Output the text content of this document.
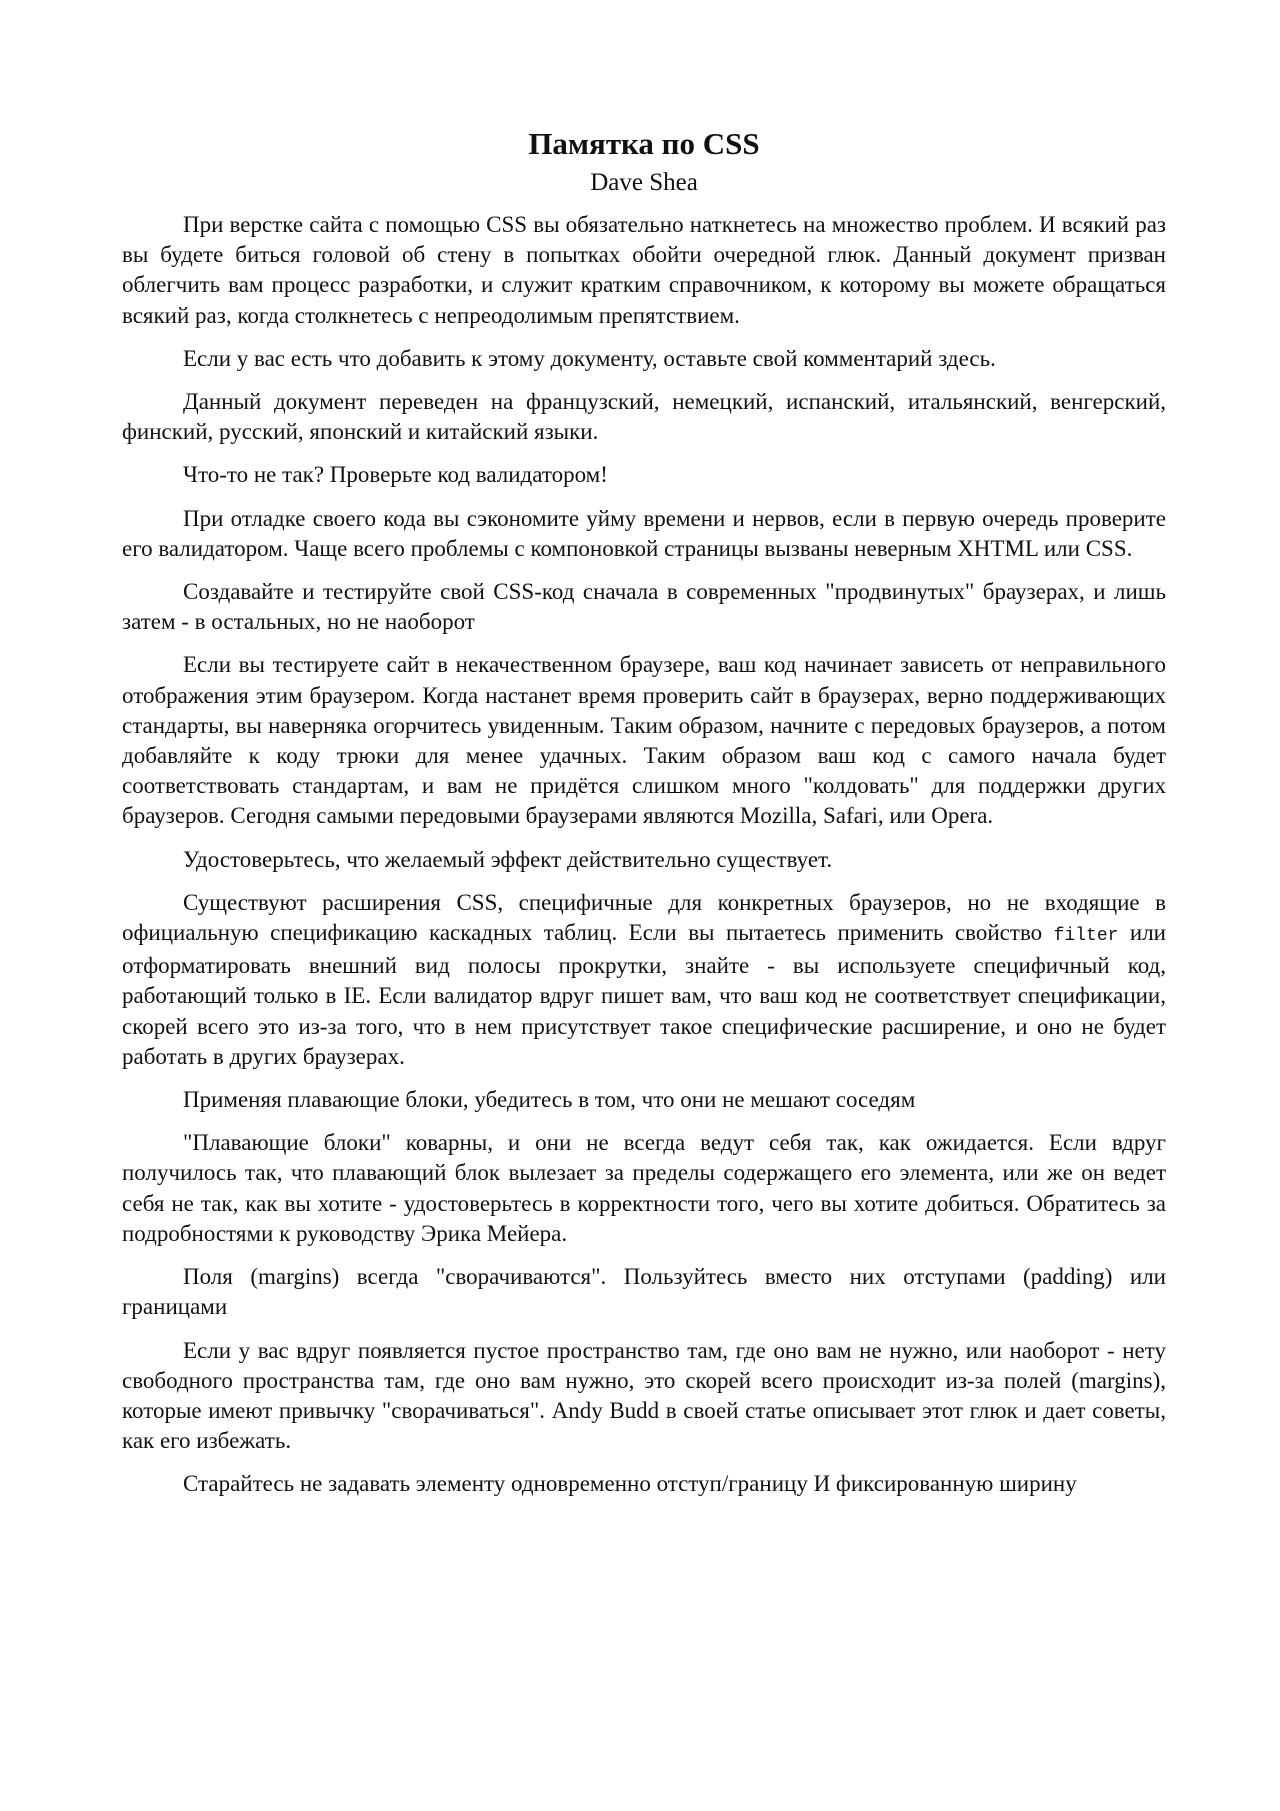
Памятка по CSS
Dave Shea

При верстке сайта с помощью CSS вы обязательно наткнетесь на множество проблем. И всякий раз вы будете биться головой об стену в попытках обойти очередной глюк. Данный документ призван облегчить вам процесс разработки, и служит кратким справочником, к которому вы можете обращаться всякий раз, когда столкнетесь с непреодолимым препятствием.

Если у вас есть что добавить к этому документу, оставьте свой комментарий здесь.

Данный документ переведен на французский, немецкий, испанский, итальянский, венгерский, финский, русский, японский и китайский языки.

Что-то не так? Проверьте код валидатором!

При отладке своего кода вы сэкономите уйму времени и нервов, если в первую очередь проверите его валидатором. Чаще всего проблемы с компоновкой страницы вызваны неверным XHTML или CSS.

Создавайте и тестируйте свой CSS-код сначала в современных "продвинутых" браузерах, и лишь затем - в остальных, но не наоборот

Если вы тестируете сайт в некачественном браузере, ваш код начинает зависеть от неправильного отображения этим браузером. Когда настанет время проверить сайт в браузерах, верно поддерживающих стандарты, вы наверняка огорчитесь увиденным. Таким образом, начните с передовых браузеров, а потом добавляйте к коду трюки для менее удачных. Таким образом ваш код с самого начала будет соответствовать стандартам, и вам не придётся слишком много "колдовать" для поддержки других браузеров. Сегодня самыми передовыми браузерами являются Mozilla, Safari, или Opera.

Удостоверьтесь, что желаемый эффект действительно существует.

Существуют расширения CSS, специфичные для конкретных браузеров, но не входящие в официальную спецификацию каскадных таблиц. Если вы пытаетесь применить свойство filter или отформатировать внешний вид полосы прокрутки, знайте - вы используете специфичный код, работающий только в IE. Если валидатор вдруг пишет вам, что ваш код не соответствует спецификации, скорей всего это из-за того, что в нем присутствует такое специфические расширение, и оно не будет работать в других браузерах.

Применяя плавающие блоки, убедитесь в том, что они не мешают соседям

"Плавающие блоки" коварны, и они не всегда ведут себя так, как ожидается. Если вдруг получилось так, что плавающий блок вылезает за пределы содержащего его элемента, или же он ведет себя не так, как вы хотите - удостоверьтесь в корректности того, чего вы хотите добиться. Обратитесь за подробностями к руководству Эрика Мейера.

Поля (margins) всегда "сворачиваются". Пользуйтесь вместо них отступами (padding) или границами

Если у вас вдруг появляется пустое пространство там, где оно вам не нужно, или наоборот - нету свободного пространства там, где оно вам нужно, это скорей всего происходит из-за полей (margins), которые имеют привычку "сворачиваться". Andy Budd в своей статье описывает этот глюк и дает советы, как его избежать.

Старайтесь не задавать элементу одновременно отступ/границу И фиксированную ширину
